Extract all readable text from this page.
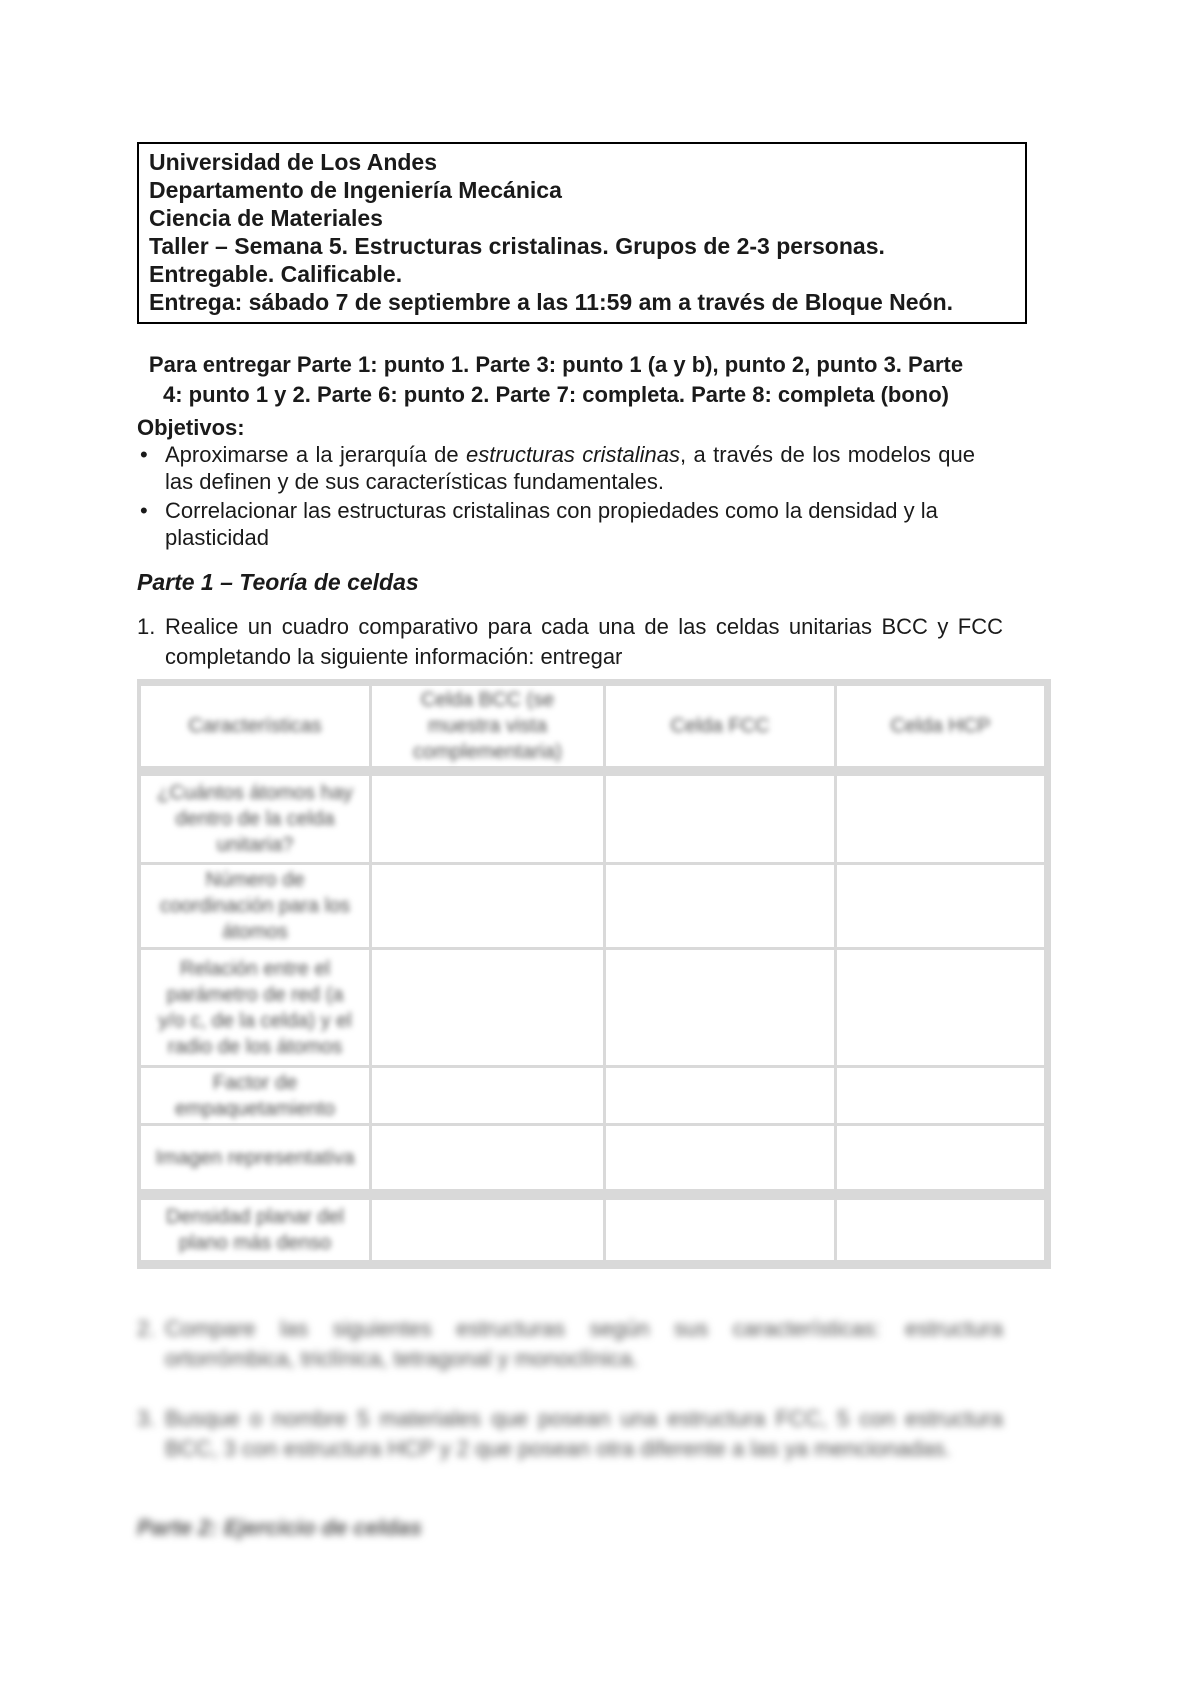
Universidad de Los Andes
Departamento de Ingeniería Mecánica
Ciencia de Materiales
Taller – Semana 5. Estructuras cristalinas. Grupos de 2-3 personas.
Entregable. Calificable.
Entrega: sábado 7 de septiembre a las 11:59 am a través de Bloque Neón.
Para entregar Parte 1: punto 1. Parte 3: punto 1 (a y b), punto 2, punto 3. Parte 4: punto 1 y 2. Parte 6: punto 2. Parte 7: completa. Parte 8: completa (bono)
Objetivos:
• Aproximarse a la jerarquía de estructuras cristalinas, a través de los modelos que las definen y de sus características fundamentales.
• Correlacionar las estructuras cristalinas con propiedades como la densidad y la plasticidad
Parte 1 – Teoría de celdas
1. Realice un cuadro comparativo para cada una de las celdas unitarias BCC y FCC completando la siguiente información: entregar
Características
Celda BCC (se muestra vista complementaria)
Celda FCC	Celda HCP
¿Cuántos átomos hay dentro de la celda unitaria?
Número de coordinación para los átomos
Relación entre el parámetro de red (a y/o c, de la celda) y el radio de los átomos
Factor de empaquetamiento
Imagen representativa
Densidad planar del plano más denso
2. Compare las siguientes estructuras según sus características: estructura ortorrómbica, triclínica, tetragonal y monoclínica.
3. Busque o nombre 5 materiales que posean una estructura FCC, 5 con estructura BCC, 3 con estructura HCP y 2 que posean otra diferente a las ya mencionadas.
Parte 2: Ejercicio de celdas
